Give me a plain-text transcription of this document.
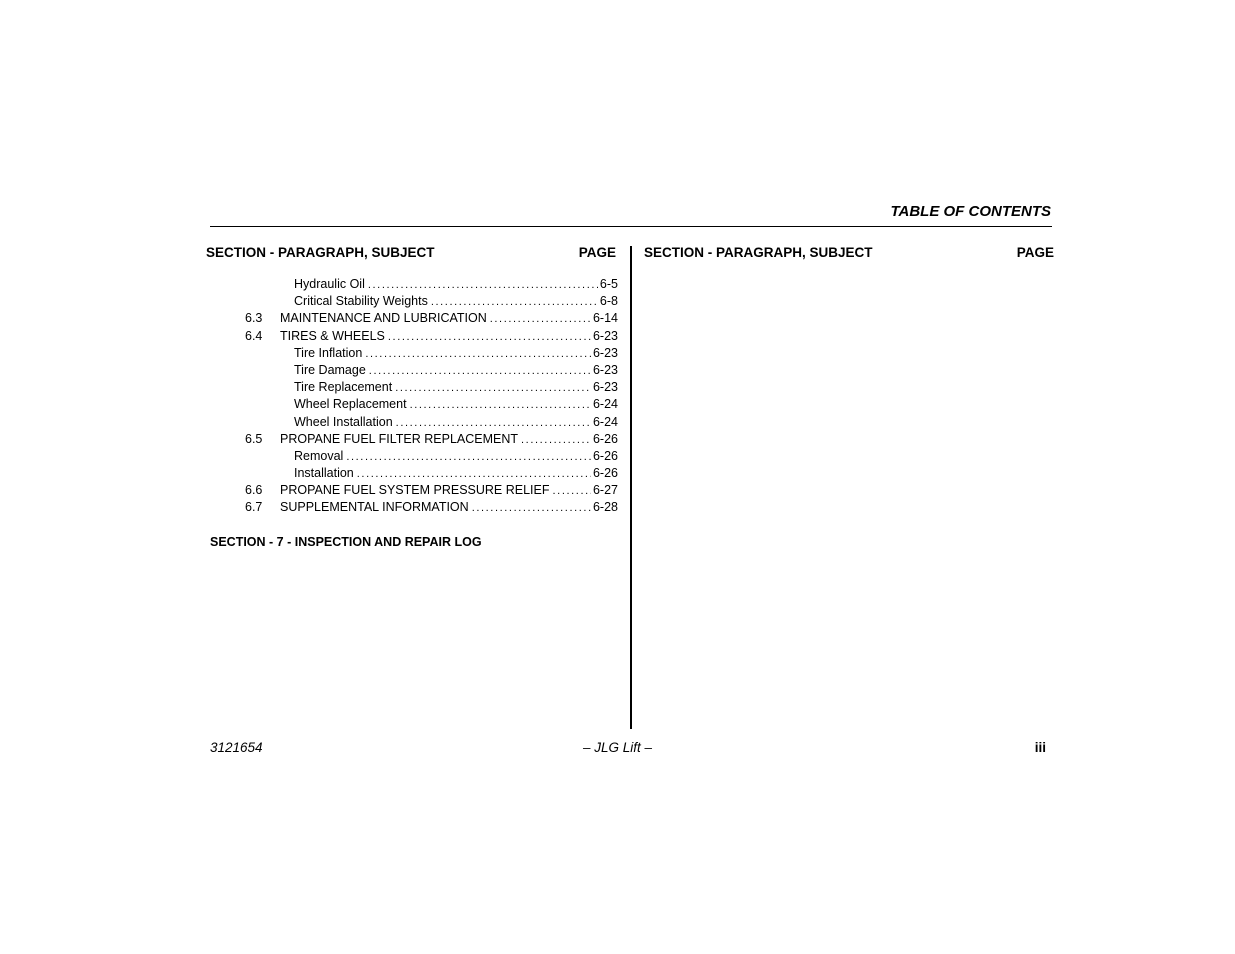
TABLE OF CONTENTS
SECTION - PARAGRAPH, SUBJECT	PAGE SECTION - PARAGRAPH, SUBJECT	PAGE
Hydraulic Oil .....	6-5
Critical Stability Weights .....	6-8
6.3 MAINTENANCE AND LUBRICATION .....	6-14
6.4 TIRES & WHEELS .....	6-23
Tire Inflation .....	6-23
Tire Damage .....	6-23
Tire Replacement .....	6-23
Wheel Replacement .....	6-24
Wheel Installation .....	6-24
6.5 PROPANE FUEL FILTER REPLACEMENT .....	6-26
Removal .....	6-26
Installation .....	6-26
6.6 PROPANE FUEL SYSTEM PRESSURE RELIEF .....	6-27
6.7 SUPPLEMENTAL INFORMATION .....	6-28
SECTION - 7 - INSPECTION AND REPAIR LOG
3121654	– JLG Lift –	iii
